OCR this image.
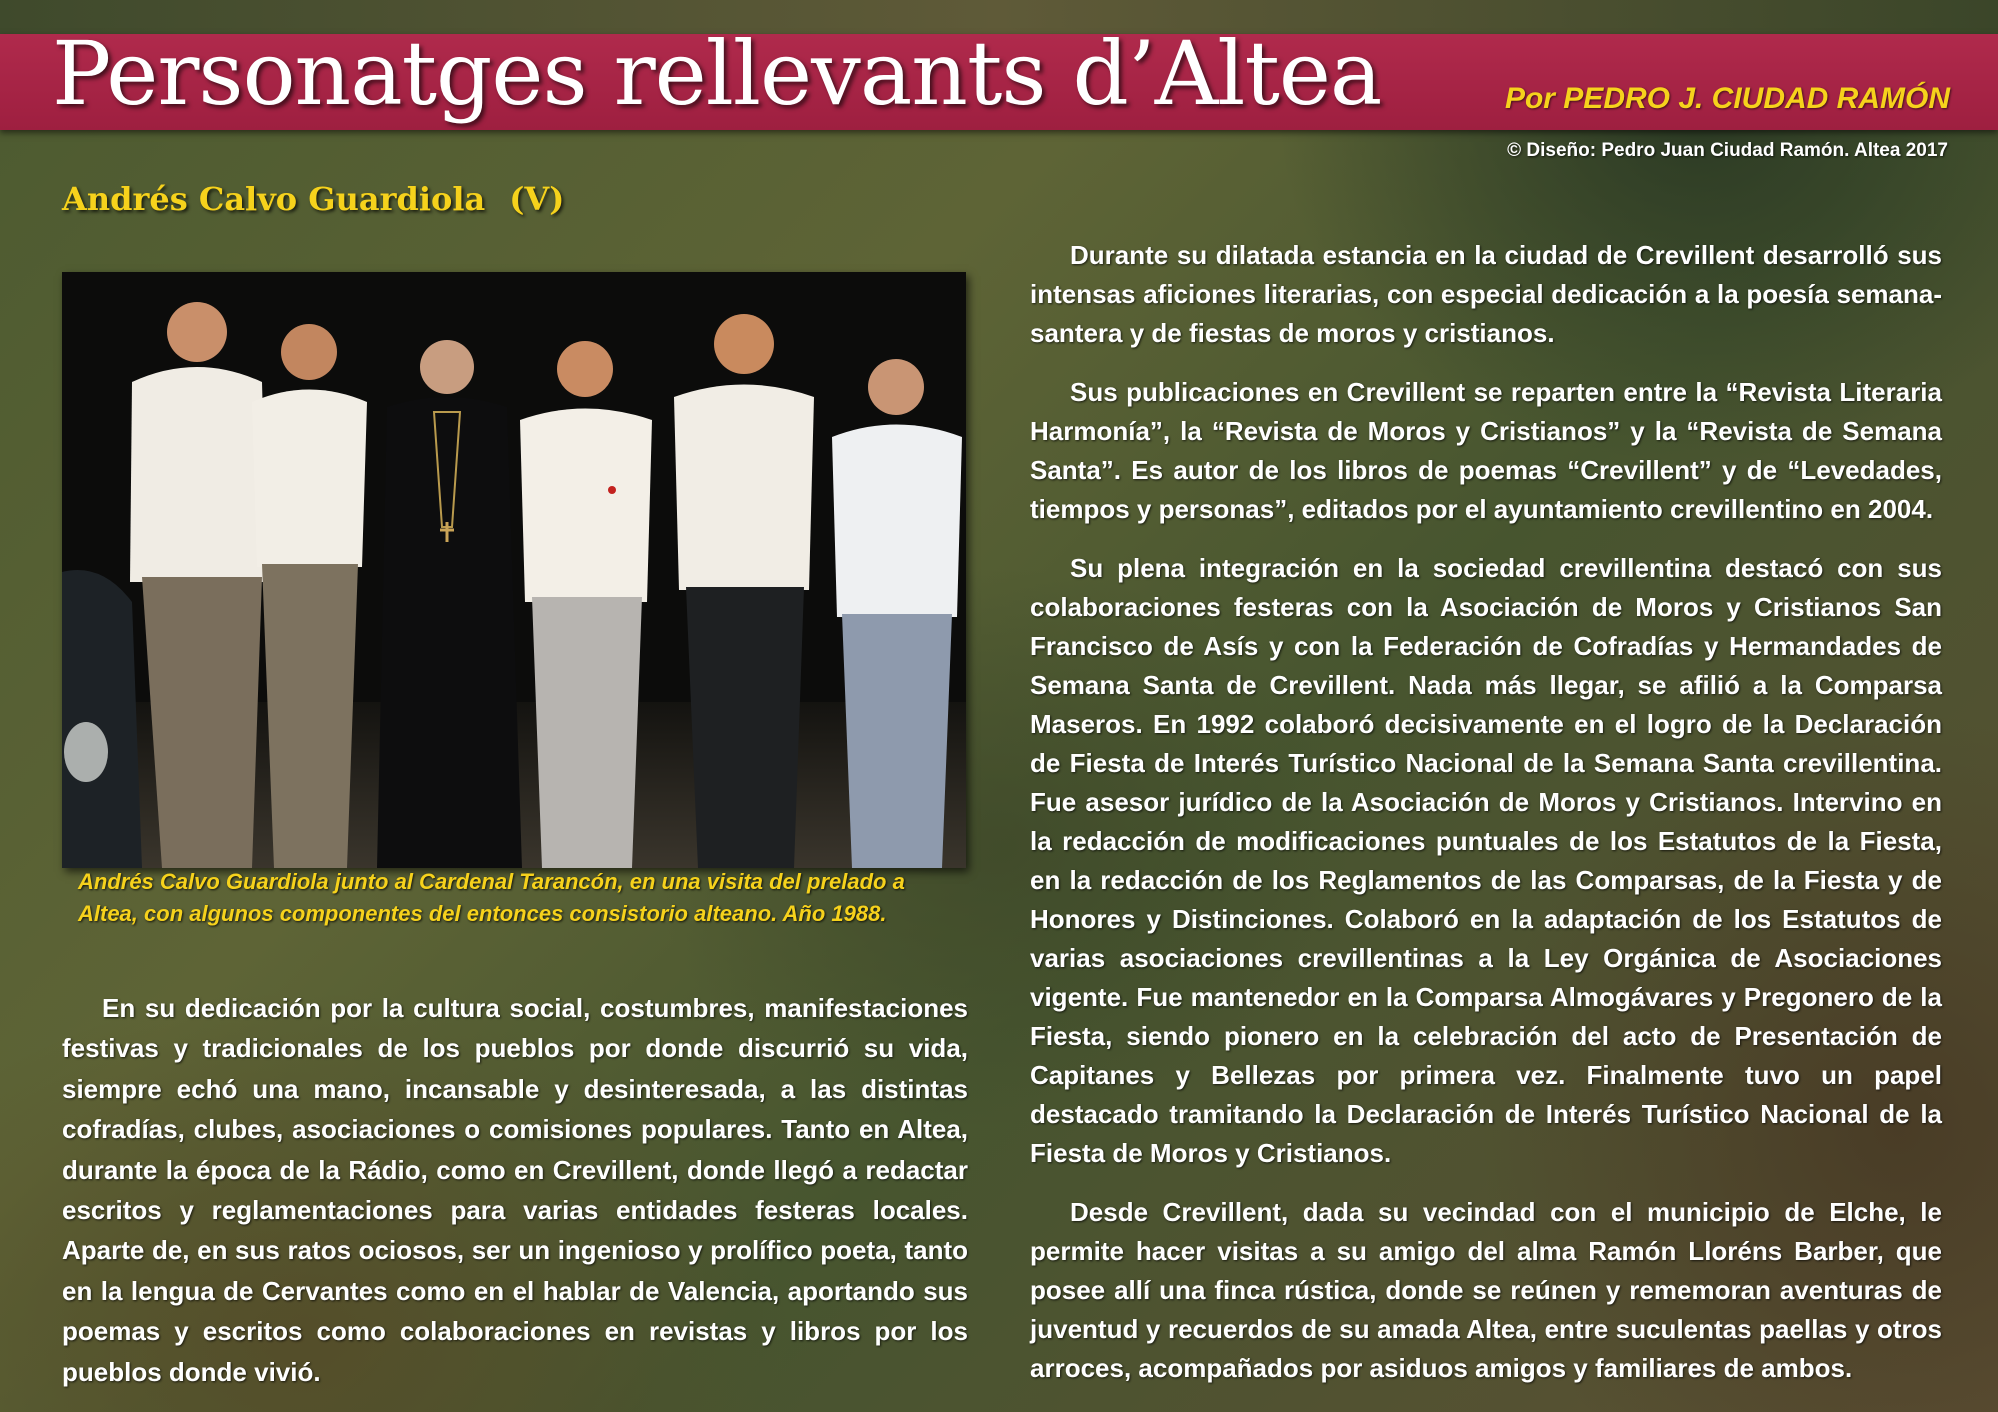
Personatges rellevants d’Altea	Por PEDRO J. CIUDAD RAMÓN
© Diseño: Pedro Juan Ciudad Ramón. Altea 2017
Andrés Calvo Guardiola (V)

Andrés Calvo Guardiola junto al Cardenal Tarancón, en una visita del prelado a Altea, con algunos componentes del entonces consistorio alteano. Año 1988.

En su dedicación por la cultura social, costumbres, manifestaciones festivas y tradicionales de los pueblos por donde discurrió su vida, siempre echó una mano, incansable y desinteresada, a las distintas cofradías, clubes, asociaciones o comisiones populares. Tanto en Altea, durante la época de la Rádio, como en Crevillent, donde llegó a redactar escritos y reglamentaciones para varias entidades festeras locales. Aparte de, en sus ratos ociosos, ser un ingenioso y prolífico poeta, tanto en la lengua de Cervantes como en el hablar de Valencia, aportando sus poemas y escritos como colaboraciones en revistas y libros por los pueblos donde vivió.

Durante su dilatada estancia en la ciudad de Crevillent desarrolló sus intensas aficiones literarias, con especial dedicación a la poesía semana-santera y de fiestas de moros y cristianos.

Sus publicaciones en Crevillent se reparten entre la “Revista Literaria Harmonía”, la “Revista de Moros y Cristianos” y la “Revista de Semana Santa”. Es autor de los libros de poemas “Crevillent” y de “Levedades, tiempos y personas”, editados por el ayuntamiento crevillentino en 2004.

Su plena integración en la sociedad crevillentina destacó con sus colaboraciones festeras con la Asociación de Moros y Cristianos San Francisco de Asís y con la Federación de Cofradías y Hermandades de Semana Santa de Crevillent. Nada más llegar, se afilió a la Comparsa Maseros. En 1992 colaboró decisivamente en el logro de la Declaración de Fiesta de Interés Turístico Nacional de la Semana Santa crevillentina. Fue asesor jurídico de la Asociación de Moros y Cristianos. Intervino en la redacción de modificaciones puntuales de los Estatutos de la Fiesta, en la redacción de los Reglamentos de las Comparsas, de la Fiesta y de Honores y Distinciones. Colaboró en la adaptación de los Estatutos de varias asociaciones crevillentinas a la Ley Orgánica de Asociaciones vigente. Fue mantenedor en la Comparsa Almogávares y Pregonero de la Fiesta, siendo pionero en la celebración del acto de Presentación de Capitanes y Bellezas por primera vez. Finalmente tuvo un papel destacado tramitando la Declaración de Interés Turístico Nacional de la Fiesta de Moros y Cristianos.

Desde Crevillent, dada su vecindad con el municipio de Elche, le permite hacer visitas a su amigo del alma Ramón Lloréns Barber, que posee allí una finca rústica, donde se reúnen y rememoran aventuras de juventud y recuerdos de su amada Altea, entre suculentas paellas y otros arroces, acompañados por asiduos amigos y familiares de ambos.
